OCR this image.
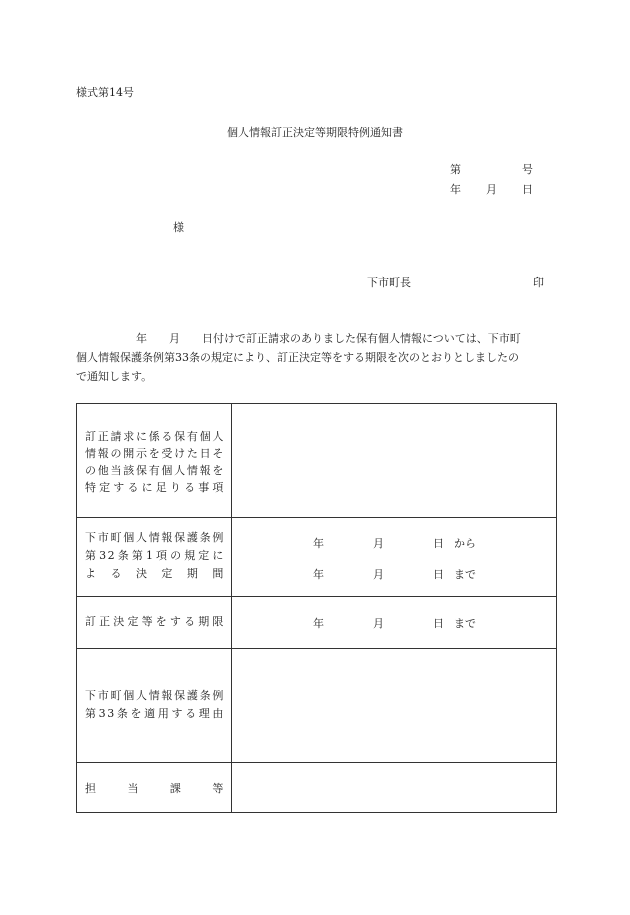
様式第14号
個人情報訂正決定等期限特例通知書
第	号
年 月 日
様
下市町長	印
年　　月　　日付けで訂正請求のありました保有個人情報については、下市町
個人情報保護条例第33条の規定により、訂正決定等をする期限を次のとおりとしましたの
で通知します。
訂正請求に係る保有個人
情報の開示を受けた日そ
の他当該保有個人情報を
特定するに足りる事項
下市町個人情報保護条例
第32条第1項の規定に
よる決定期間
年	月	日 から
年	月	日 まで
訂正決定等をする期限	年	月	日 まで
下市町個人情報保護条例
第33条を適用する理由
担当課等
